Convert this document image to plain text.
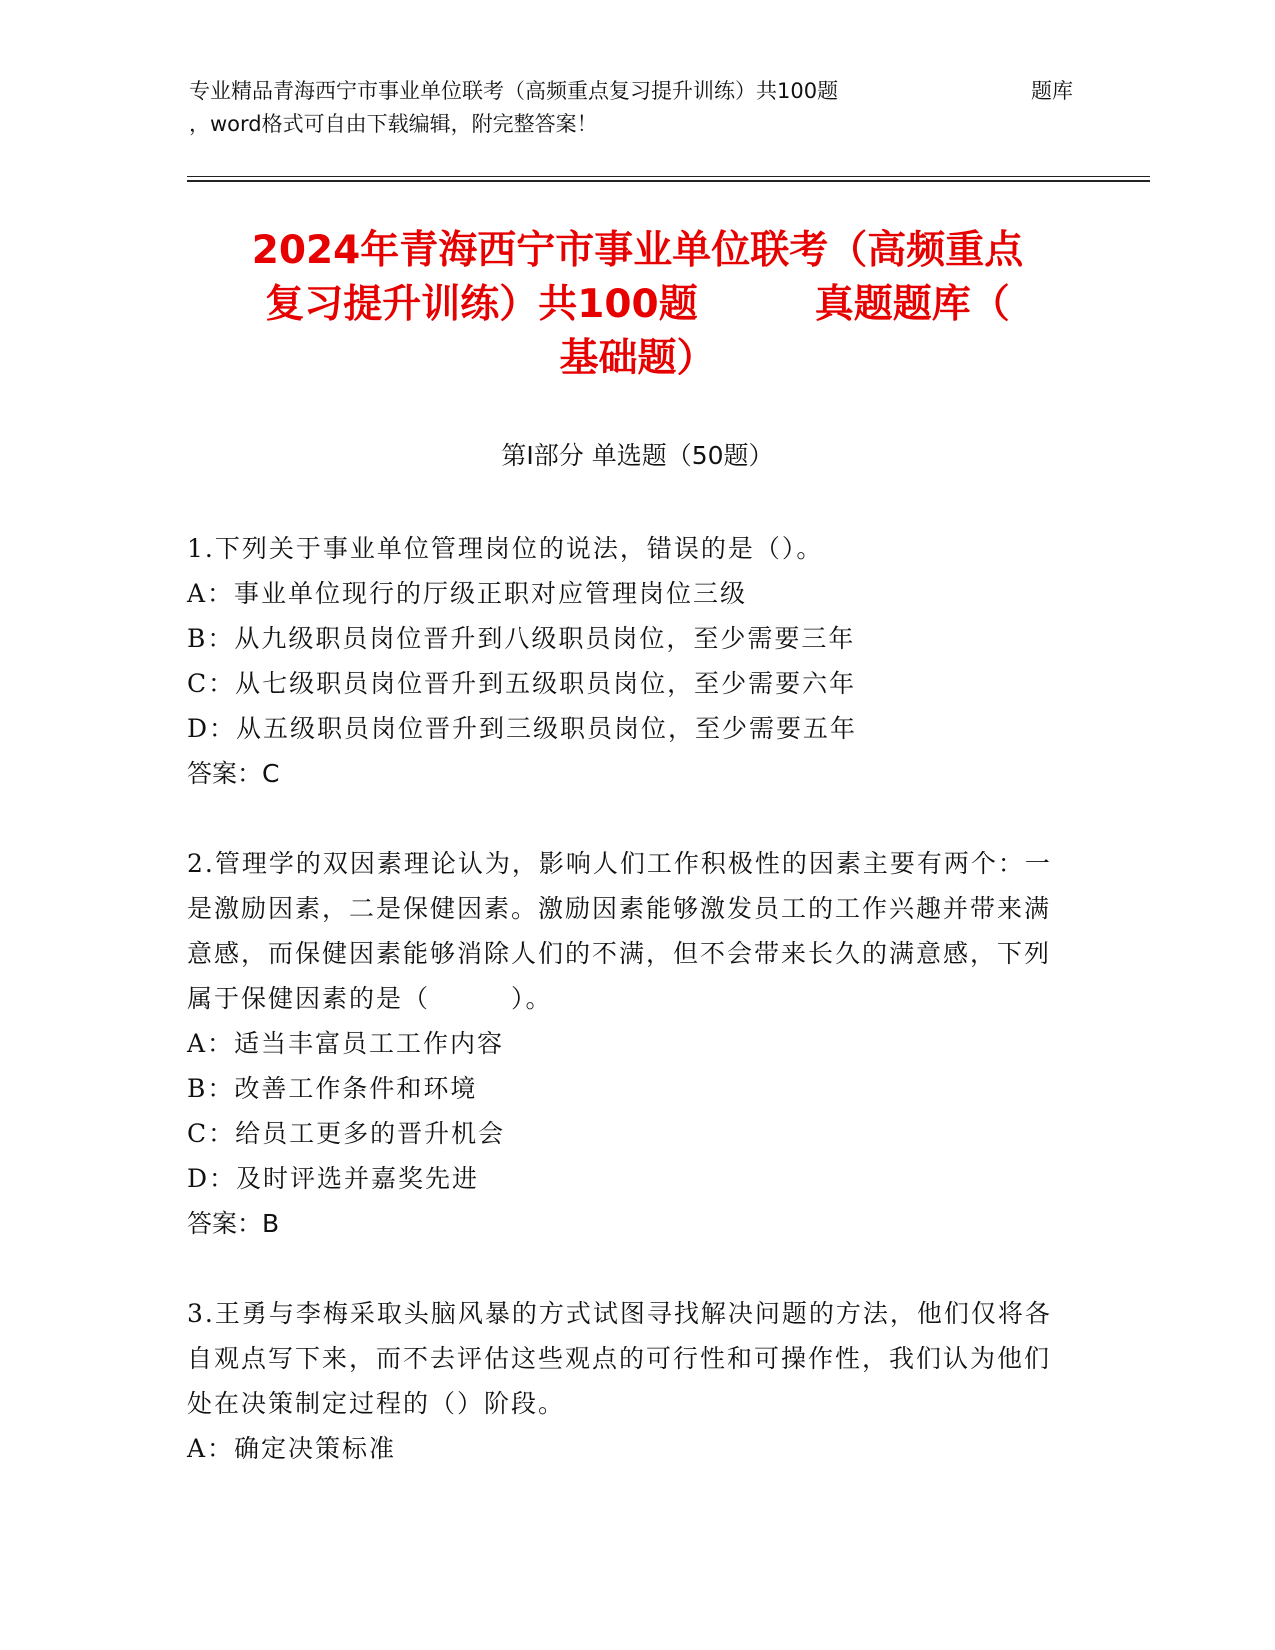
专业精品青海西宁市事业单位联考（高频重点复习提升训练）共100题	题库
，word格式可自由下载编辑，附完整答案！
2024年青海西宁市事业单位联考（高频重点
复习提升训练）共100题　　　真题题库（
基础题）
第Ⅰ部分 单选题（50题）
1.下列关于事业单位管理岗位的说法，错误的是（）。
A：事业单位现行的厅级正职对应管理岗位三级
B：从九级职员岗位晋升到八级职员岗位，至少需要三年
C：从七级职员岗位晋升到五级职员岗位，至少需要六年
D：从五级职员岗位晋升到三级职员岗位，至少需要五年
答案：C
2.管理学的双因素理论认为，影响人们工作积极性的因素主要有两个：一是激励因素，二是保健因素。激励因素能够激发员工的工作兴趣并带来满意感，而保健因素能够消除人们的不满，但不会带来长久的满意感，下列属于保健因素的是（　　　）。
A：适当丰富员工工作内容
B：改善工作条件和环境
C：给员工更多的晋升机会
D：及时评选并嘉奖先进
答案：B
3.王勇与李梅采取头脑风暴的方式试图寻找解决问题的方法，他们仅将各自观点写下来，而不去评估这些观点的可行性和可操作性，我们认为他们处在决策制定过程的（）阶段。
A：确定决策标准
